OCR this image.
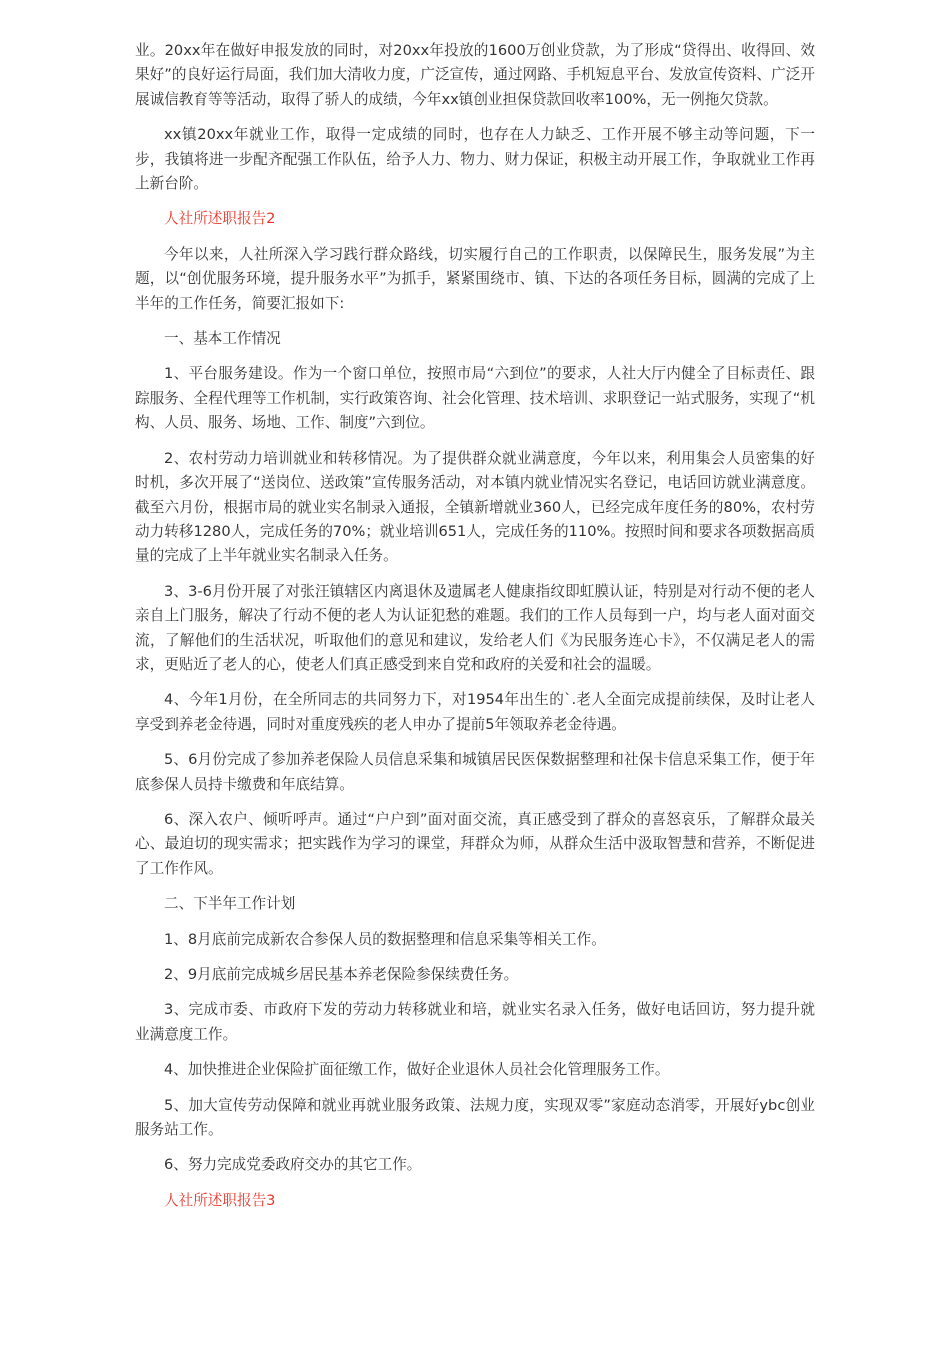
业。20xx年在做好申报发放的同时，对20xx年投放的1600万创业贷款，为了形成“贷得出、收得回、效果好”的良好运行局面，我们加大清收力度，广泛宣传，通过网路、手机短息平台、发放宣传资料、广泛开展诚信教育等等活动，取得了骄人的成绩，今年xx镇创业担保贷款回收率100%，无一例拖欠贷款。

xx镇20xx年就业工作，取得一定成绩的同时，也存在人力缺乏、工作开展不够主动等问题，下一步，我镇将进一步配齐配强工作队伍，给予人力、物力、财力保证，积极主动开展工作，争取就业工作再上新台阶。

人社所述职报告2

今年以来，人社所深入学习践行群众路线，切实履行自己的工作职责，以保障民生，服务发展”为主题，以“创优服务环境，提升服务水平”为抓手，紧紧围绕市、镇、下达的各项任务目标，圆满的完成了上半年的工作任务，简要汇报如下:

一、基本工作情况

1、平台服务建设。作为一个窗口单位，按照市局“六到位”的要求，人社大厅内健全了目标责任、跟踪服务、全程代理等工作机制，实行政策咨询、社会化管理、技术培训、求职登记一站式服务，实现了“机构、人员、服务、场地、工作、制度”六到位。

2、农村劳动力培训就业和转移情况。为了提供群众就业满意度，今年以来，利用集会人员密集的好时机，多次开展了“送岗位、送政策”宣传服务活动，对本镇内就业情况实名登记，电话回访就业满意度。截至六月份，根据市局的就业实名制录入通报，全镇新增就业360人，已经完成年度任务的80%，农村劳动力转移1280人，完成任务的70%；就业培训651人，完成任务的110%。按照时间和要求各项数据高质量的完成了上半年就业实名制录入任务。

3、3-6月份开展了对张汪镇辖区内离退休及遗属老人健康指纹即虹膜认证，特别是对行动不便的老人亲自上门服务，解决了行动不便的老人为认证犯愁的难题。我们的工作人员每到一户，均与老人面对面交流，了解他们的生活状况，听取他们的意见和建议，发给老人们《为民服务连心卡》，不仅满足老人的需求，更贴近了老人的心，使老人们真正感受到来自党和政府的关爱和社会的温暖。

4、今年1月份，在全所同志的共同努力下，对1954年出生的`.老人全面完成提前续保，及时让老人享受到养老金待遇，同时对重度残疾的老人申办了提前5年领取养老金待遇。

5、6月份完成了参加养老保险人员信息采集和城镇居民医保数据整理和社保卡信息采集工作，便于年底参保人员持卡缴费和年底结算。

6、深入农户、倾听呼声。通过“户户到”面对面交流，真正感受到了群众的喜怒哀乐，了解群众最关心、最迫切的现实需求；把实践作为学习的课堂，拜群众为师，从群众生活中汲取智慧和营养，不断促进了工作作风。

二、下半年工作计划

1、8月底前完成新农合参保人员的数据整理和信息采集等相关工作。

2、9月底前完成城乡居民基本养老保险参保续费任务。

3、完成市委、市政府下发的劳动力转移就业和培，就业实名录入任务，做好电话回访，努力提升就业满意度工作。

4、加快推进企业保险扩面征缴工作，做好企业退休人员社会化管理服务工作。

5、加大宣传劳动保障和就业再就业服务政策、法规力度，实现双零”家庭动态消零，开展好ybc创业服务站工作。

6、努力完成党委政府交办的其它工作。

人社所述职报告3
